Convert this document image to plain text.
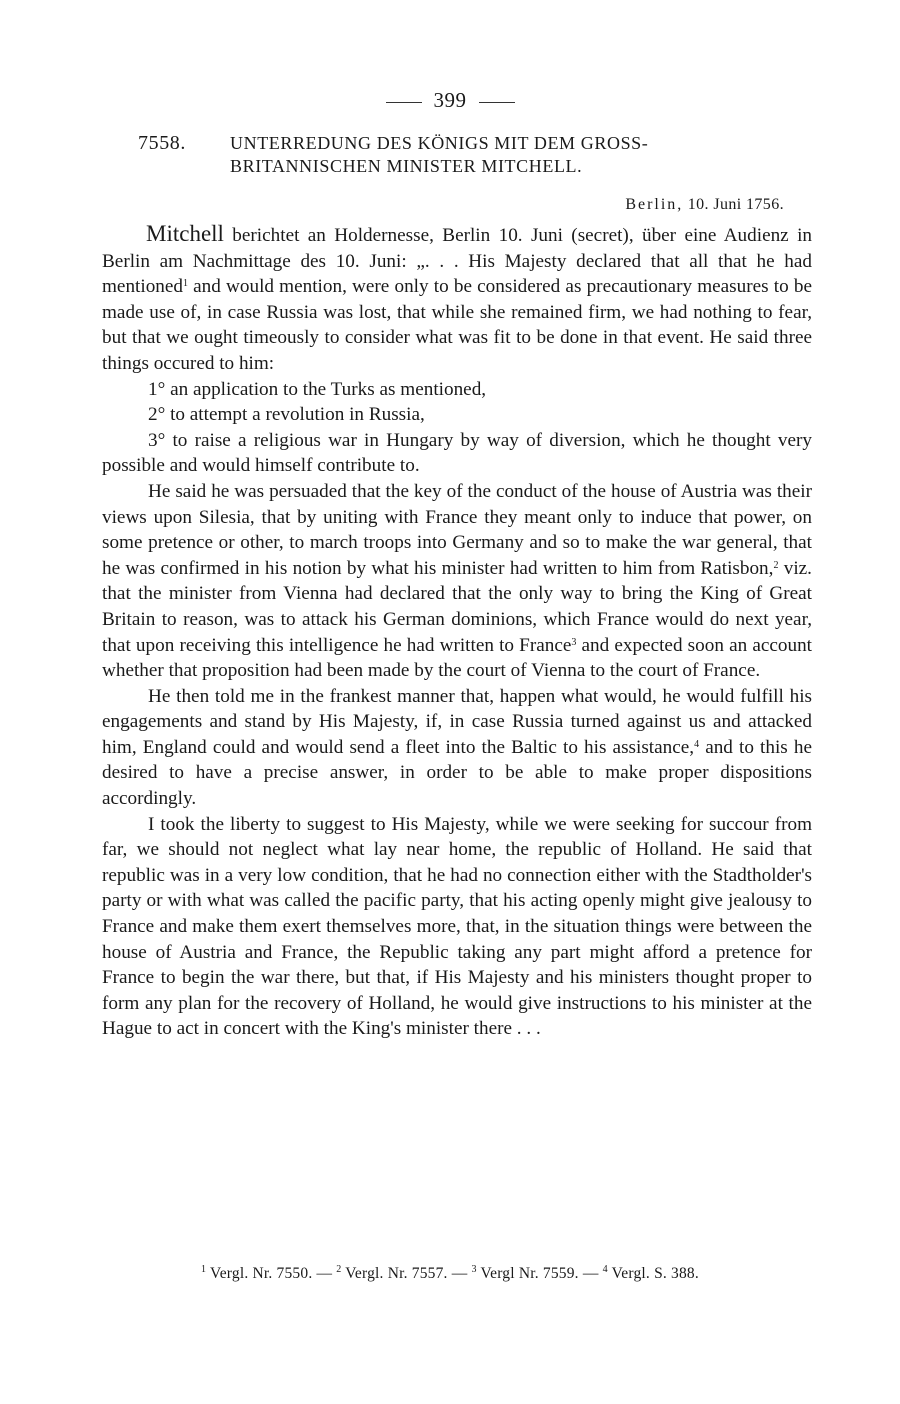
399
7558. UNTERREDUNG DES KÖNIGS MIT DEM GROSS-
BRITANNISCHEN MINISTER MITCHELL.
Berlin, 10. Juni 1756.

Mitchell berichtet an Holdernesse, Berlin 10. Juni (secret), über eine Audienz in Berlin am Nachmittage des 10. Juni: „. . . His Majesty declared that all that he had mentioned$^1$ and would mention, were only to be considered as precautionary measures to be made use of, in case Russia was lost, that while she remained firm, we had nothing to fear, but that we ought timeously to consider what was fit to be done in that event. He said three things occured to him:

1° an application to the Turks as mentioned,

2° to attempt a revolution in Russia,

3° to raise a religious war in Hungary by way of diversion, which he thought very possible and would himself contribute to.

He said he was persuaded that the key of the conduct of the house of Austria was their views upon Silesia, that by uniting with France they meant only to induce that power, on some pretence or other, to march troops into Germany and so to make the war general, that he was confirmed in his notion by what his minister had written to him from Ratisbon,$^2$ viz. that the minister from Vienna had declared that the only way to bring the King of Great Britain to reason, was to attack his German dominions, which France would do next year, that upon receiving this intelligence he had written to France$^3$ and expected soon an account whether that proposition had been made by the court of Vienna to the court of France.

He then told me in the frankest manner that, happen what would, he would fulfill his engagements and stand by His Majesty, if, in case Russia turned against us and attacked him, England could and would send a fleet into the Baltic to his assistance,$^4$ and to this he desired to have a precise answer, in order to be able to make proper dispositions accordingly.

I took the liberty to suggest to His Majesty, while we were seeking for succour from far, we should not neglect what lay near home, the republic of Holland. He said that republic was in a very low condition, that he had no connection either with the Stadtholder's party or with what was called the pacific party, that his acting openly might give jealousy to France and make them exert themselves more, that, in the situation things were between the house of Austria and France, the Republic taking any part might afford a pretence for France to begin the war there, but that, if His Majesty and his ministers thought proper to form any plan for the recovery of Holland, he would give instructions to his minister at the Hague to act in concert with the King's minister there . . .

$^1$ Vergl. Nr. 7550. — $^2$ Vergl. Nr. 7557. — $^3$ Vergl Nr. 7559. — $^4$ Vergl. S. 388.
